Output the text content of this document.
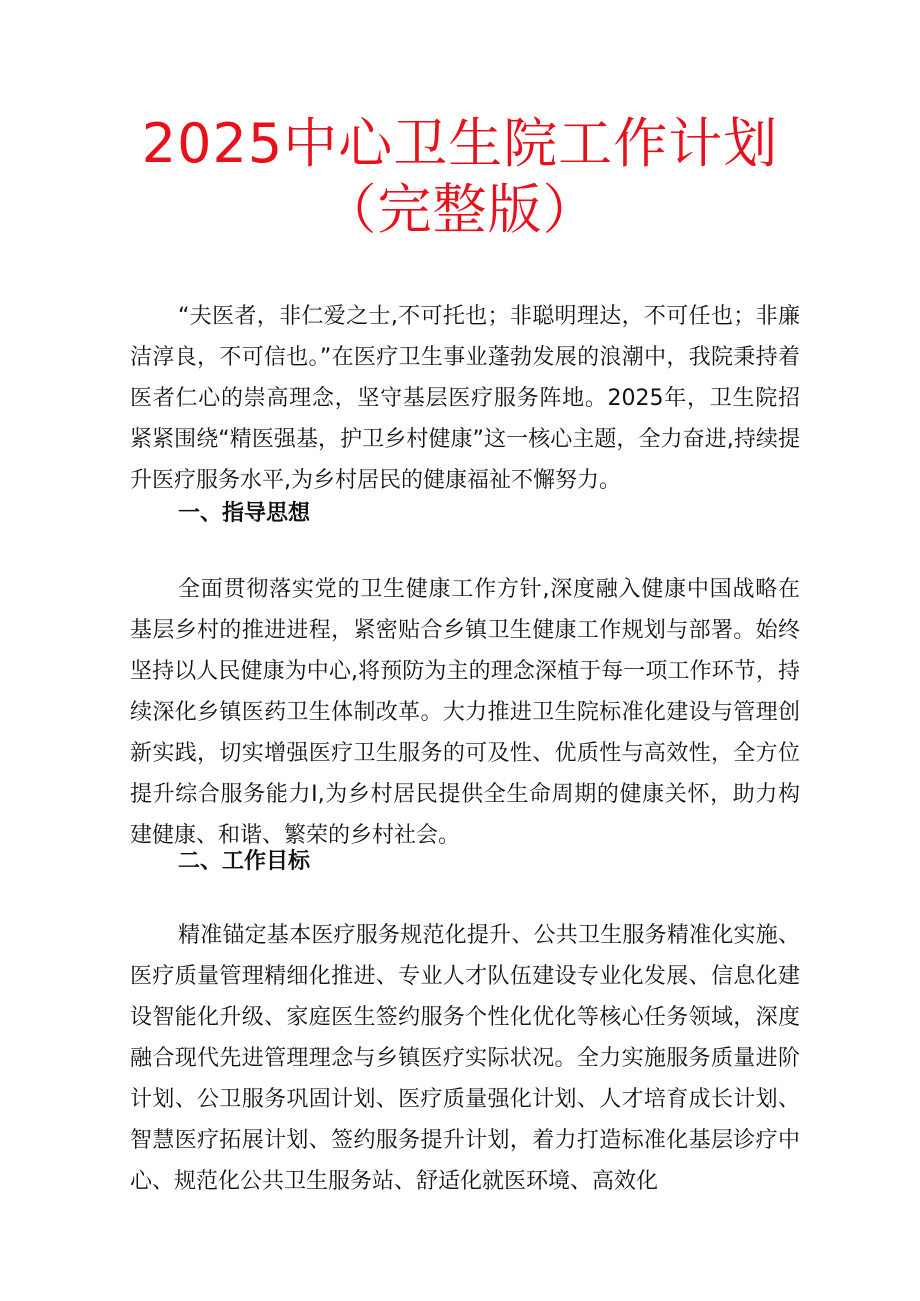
2025中心卫生院工作计划
（完整版）

“夫医者，非仁爱之士,不可托也；非聪明理达，不可任也；非廉洁淳良，不可信也。”在医疗卫生事业蓬勃发展的浪潮中，我院秉持着医者仁心的崇高理念，坚守基层医疗服务阵地。2025年，卫生院招紧紧围绕“精医强基，护卫乡村健康”这一核心主题，全力奋进,持续提升医疗服务水平,为乡村居民的健康福祉不懈努力。

一、指导思想

全面贯彻落实党的卫生健康工作方针,深度融入健康中国战略在基层乡村的推进进程，紧密贴合乡镇卫生健康工作规划与部署。始终坚持以人民健康为中心,将预防为主的理念深植于每一项工作环节，持续深化乡镇医药卫生体制改革。大力推进卫生院标准化建设与管理创新实践，切实增强医疗卫生服务的可及性、优质性与高效性，全方位提升综合服务能力I,为乡村居民提供全生命周期的健康关怀，助力构建健康、和谐、繁荣的乡村社会。

二、工作目标

精准锚定基本医疗服务规范化提升、公共卫生服务精准化实施、医疗质量管理精细化推进、专业人才队伍建设专业化发展、信息化建设智能化升级、家庭医生签约服务个性化优化等核心任务领域，深度融合现代先进管理理念与乡镇医疗实际状况。全力实施服务质量进阶计划、公卫服务巩固计划、医疗质量强化计划、人才培育成长计划、智慧医疗拓展计划、签约服务提升计划，着力打造标准化基层诊疗中心、规范化公共卫生服务站、舒适化就医环境、高效化
